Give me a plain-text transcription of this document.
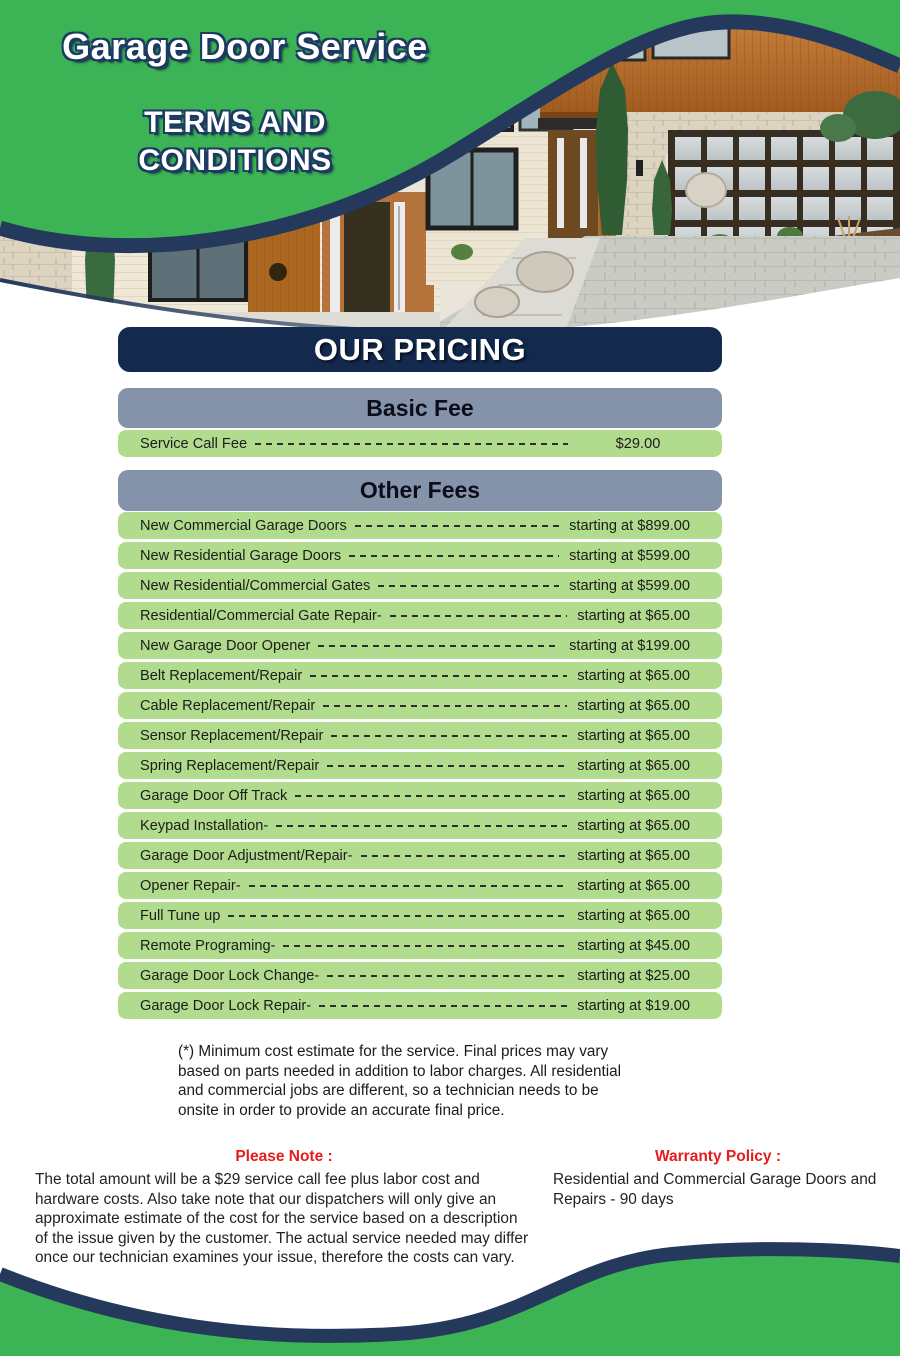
Garage Door Service
TERMS AND CONDITIONS
OUR PRICING
Basic Fee
Service Call Fee	$29.00
Other Fees
New Commercial Garage Doors	starting at $899.00
New Residential Garage Doors	starting at $599.00
New Residential/Commercial Gates	starting at $599.00
Residential/Commercial Gate Repair-	starting at $65.00
New Garage Door Opener	starting at $199.00
Belt Replacement/Repair	starting at $65.00
Cable Replacement/Repair	starting at $65.00
Sensor Replacement/Repair	starting at $65.00
Spring Replacement/Repair	starting at $65.00
Garage Door Off Track	starting at $65.00
Keypad Installation-	starting at $65.00
Garage Door Adjustment/Repair-	starting at $65.00
Opener Repair-	starting at $65.00
Full Tune up	starting at $65.00
Remote Programing-	starting at $45.00
Garage Door Lock Change-	starting at $25.00
Garage Door Lock Repair-	starting at $19.00
(*) Minimum cost estimate for the service. Final prices may vary based on parts needed in addition to labor charges. All residential and commercial jobs are different, so a technician needs to be onsite in order to provide an accurate final price.
Please Note :
The total amount will be a $29 service call fee plus labor cost and hardware costs. Also take note that our dispatchers will only give an approximate estimate of the cost for the service based on a description of the issue given by the customer. The actual service needed may differ once our technician examines your issue, therefore the costs can vary.
Warranty Policy :
Residential and Commercial Garage Doors and Repairs - 90 days
